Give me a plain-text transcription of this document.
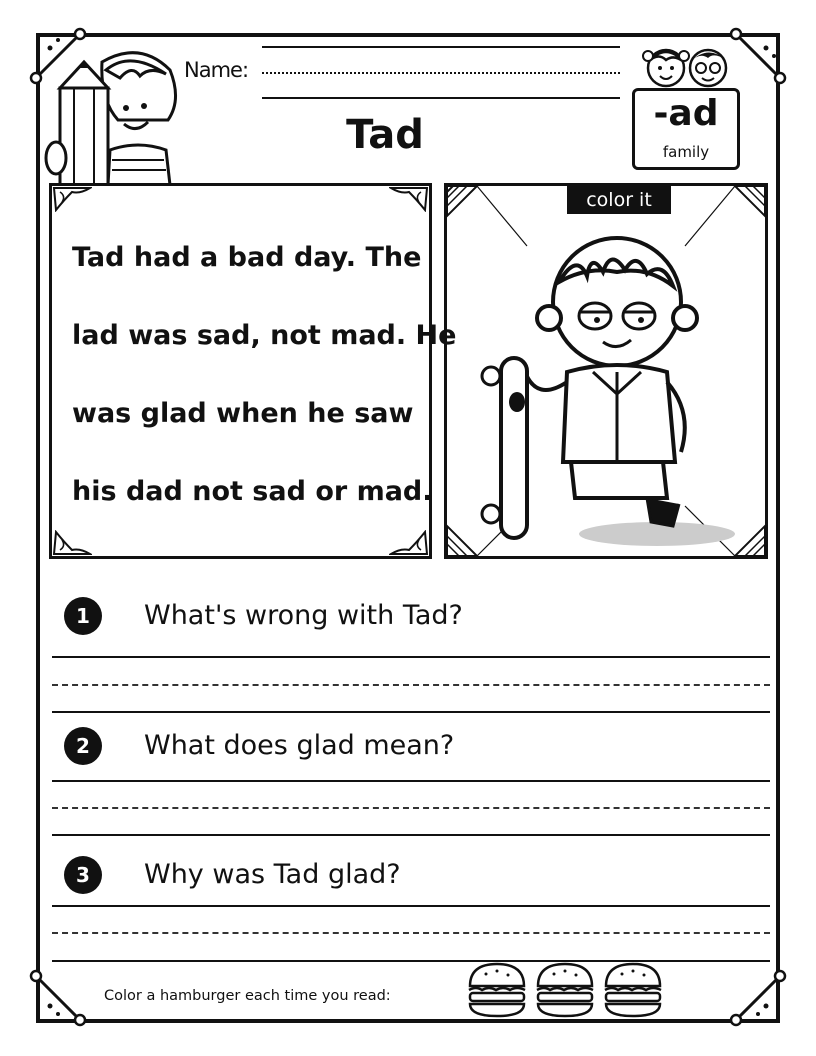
Name:
Tad	-ad
family
Tad had a bad day. The
lad was sad, not mad. He
was glad when he saw
his dad not sad or mad.
color it
1	What's wrong with Tad?
2	What does glad mean?
3	Why was Tad glad?
Color a hamburger each time you read:
